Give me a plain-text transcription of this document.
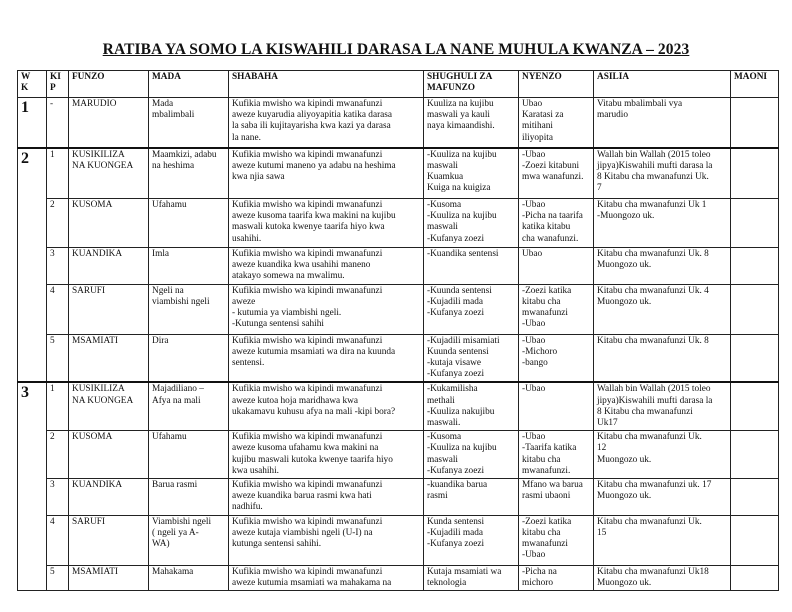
RATIBA YA SOMO LA KISWAHILI DARASA LA NANE MUHULA KWANZA – 2023
W
K	KI
P	FUNZO	MADA	SHABAHA	SHUGHULI ZA
MAFUNZO	NYENZO	ASILIA	MAONI
1	-	MARUDIO	Mada
mbalimbali	Kufikia mwisho wa kipindi mwanafunzi
aweze kuyarudia aliyoyapitia katika darasa
la saba ili kujitayarisha kwa kazi ya darasa
la nane.	Kuuliza na kujibu
maswali ya kauli
naya kimaandishi.	Ubao
Karatasi za
mitihani
iliyopita	Vitabu mbalimbali vya
marudio	
2	1	KUSIKILIZA
NA KUONGEA	Maamkizi, adabu
na heshima	Kufikia mwisho wa kipindi mwanafunzi
aweze kutumi maneno ya adabu na heshima
kwa njia sawa	-Kuuliza na kujibu
maswali
Kuamkua
Kuiga na kuigiza	-Ubao
-Zoezi kitabuni
mwa wanafunzi.	Wallah bin Wallah (2015 toleo
jipya)Kiswahili mufti darasa la
8 Kitabu cha mwanafunzi Uk.
7	
	2	KUSOMA	Ufahamu	Kufikia mwisho wa kipindi mwanafunzi
aweze kusoma taarifa kwa makini na kujibu
maswali kutoka kwenye taarifa hiyo kwa
usahihi.	-Kusoma
-Kuuliza na kujibu
maswali
-Kufanya zoezi	-Ubao
-Picha na taarifa
katika kitabu
cha wanafunzi.	Kitabu cha mwanafunzi Uk 1
-Muongozo uk.	
	3	KUANDIKA	Imla	Kufikia mwisho wa kipindi mwanafunzi
aweze kuandika kwa usahihi maneno
atakayo somewa na mwalimu.	-Kuandika sentensi	Ubao	Kitabu cha mwanafunzi Uk. 8
Muongozo uk.	
	4	SARUFI	Ngeli na
viambishi ngeli	Kufikia mwisho wa kipindi mwanafunzi
aweze
- kutumia ya viambishi ngeli.
-Kutunga sentensi sahihi	-Kuunda sentensi
-Kujadili mada
-Kufanya zoezi	-Zoezi katika
kitabu cha
mwanafunzi
-Ubao	Kitabu cha mwanafunzi Uk. 4
Muongozo uk.	
	5	MSAMIATI	Dira	Kufikia mwisho wa kipindi mwanafunzi
aweze kutumia msamiati wa dira na kuunda
sentensi.	-Kujadili misamiati
Kuunda sentensi
-kutaja visawe
-Kufanya zoezi	-Ubao
-Michoro
-bango	Kitabu cha mwanafunzi Uk. 8	
3	1	KUSIKILIZA
NA KUONGEA	Majadiliano –
Afya na mali	Kufikia mwisho wa kipindi mwanafunzi
aweze kutoa hoja maridhawa kwa
ukakamavu kuhusu afya na mali -kipi bora?	-Kukamilisha
methali
-Kuuliza nakujibu
maswali.	-Ubao	Wallah bin Wallah (2015 toleo
jipya)Kiswahili mufti darasa la
8 Kitabu cha mwanafunzi
Uk17	
	2	KUSOMA	Ufahamu	Kufikia mwisho wa kipindi mwanafunzi
aweze kusoma ufahamu kwa makini na
kujibu maswali kutoka kwenye taarifa hiyo
kwa usahihi.	-Kusoma
-Kuuliza na kujibu
maswali
-Kufanya zoezi	-Ubao
-Taarifa katika
kitabu cha
mwanafunzi.	Kitabu cha mwanafunzi Uk.
12
Muongozo uk.	
	3	KUANDIKA	Barua rasmi	Kufikia mwisho wa kipindi mwanafunzi
aweze kuandika barua rasmi kwa hati
nadhifu.	-kuandika barua
rasmi	Mfano wa barua
rasmi ubaoni	Kitabu cha mwanafunzi uk. 17
Muongozo uk.	
	4	SARUFI	Viambishi ngeli
( ngeli ya A-
WA)	Kufikia mwisho wa kipindi mwanafunzi
aweze kutaja viambishi ngeli (U-I) na
kutunga sentensi sahihi.	Kunda sentensi
-Kujadili mada
-Kufanya zoezi	-Zoezi katika
kitabu cha
mwanafunzi
-Ubao	Kitabu cha mwanafunzi Uk.
15	
	5	MSAMIATI	Mahakama	Kufikia mwisho wa kipindi mwanafunzi
aweze kutumia msamiati wa mahakama na	Kutaja msamiati wa
teknologia	-Picha na
michoro	Kitabu cha mwanafunzi Uk18
Muongozo uk.	
